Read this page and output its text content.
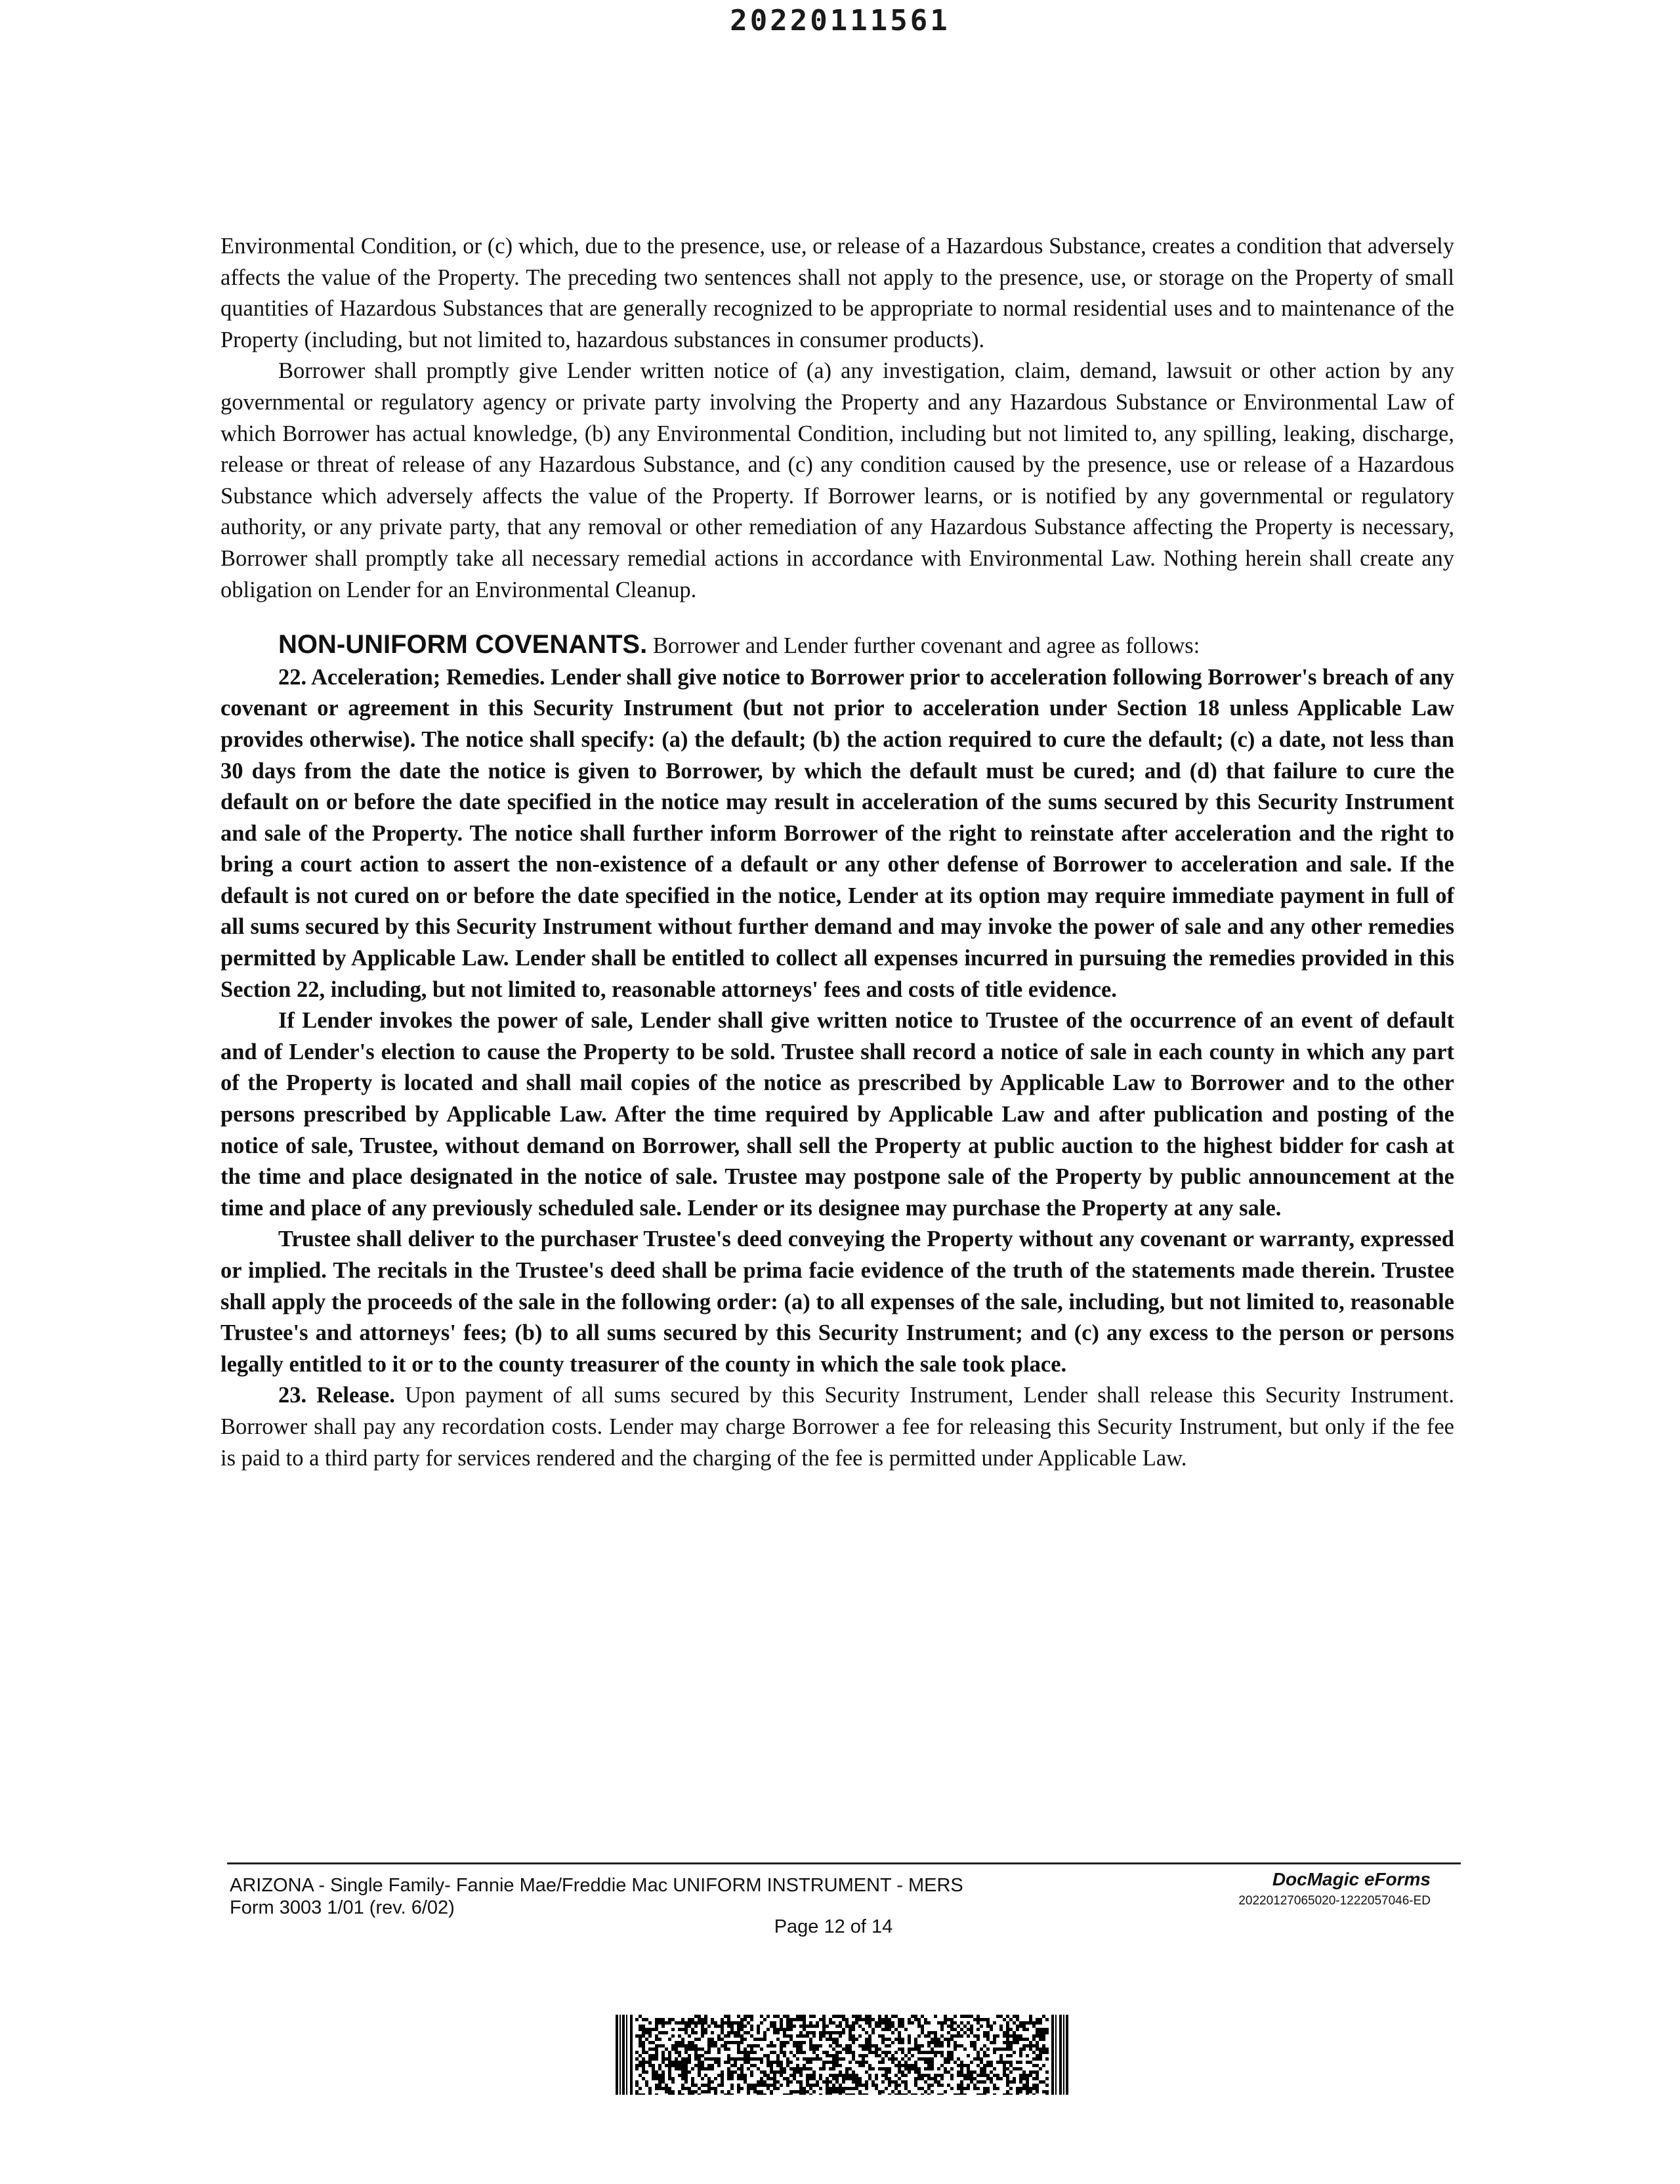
20220111561

Environmental Condition, or (c) which, due to the presence, use, or release of a Hazardous Substance, creates a condition that adversely affects the value of the Property. The preceding two sentences shall not apply to the presence, use, or storage on the Property of small quantities of Hazardous Substances that are generally recognized to be appropriate to normal residential uses and to maintenance of the Property (including, but not limited to, hazardous substances in consumer products).

Borrower shall promptly give Lender written notice of (a) any investigation, claim, demand, lawsuit or other action by any governmental or regulatory agency or private party involving the Property and any Hazardous Substance or Environmental Law of which Borrower has actual knowledge, (b) any Environmental Condition, including but not limited to, any spilling, leaking, discharge, release or threat of release of any Hazardous Substance, and (c) any condition caused by the presence, use or release of a Hazardous Substance which adversely affects the value of the Property. If Borrower learns, or is notified by any governmental or regulatory authority, or any private party, that any removal or other remediation of any Hazardous Substance affecting the Property is necessary, Borrower shall promptly take all necessary remedial actions in accordance with Environmental Law. Nothing herein shall create any obligation on Lender for an Environmental Cleanup.

NON-UNIFORM COVENANTS. Borrower and Lender further covenant and agree as follows:

22. Acceleration; Remedies. Lender shall give notice to Borrower prior to acceleration following Borrower's breach of any covenant or agreement in this Security Instrument (but not prior to acceleration under Section 18 unless Applicable Law provides otherwise). The notice shall specify: (a) the default; (b) the action required to cure the default; (c) a date, not less than 30 days from the date the notice is given to Borrower, by which the default must be cured; and (d) that failure to cure the default on or before the date specified in the notice may result in acceleration of the sums secured by this Security Instrument and sale of the Property. The notice shall further inform Borrower of the right to reinstate after acceleration and the right to bring a court action to assert the non-existence of a default or any other defense of Borrower to acceleration and sale. If the default is not cured on or before the date specified in the notice, Lender at its option may require immediate payment in full of all sums secured by this Security Instrument without further demand and may invoke the power of sale and any other remedies permitted by Applicable Law. Lender shall be entitled to collect all expenses incurred in pursuing the remedies provided in this Section 22, including, but not limited to, reasonable attorneys' fees and costs of title evidence.

If Lender invokes the power of sale, Lender shall give written notice to Trustee of the occurrence of an event of default and of Lender's election to cause the Property to be sold. Trustee shall record a notice of sale in each county in which any part of the Property is located and shall mail copies of the notice as prescribed by Applicable Law to Borrower and to the other persons prescribed by Applicable Law. After the time required by Applicable Law and after publication and posting of the notice of sale, Trustee, without demand on Borrower, shall sell the Property at public auction to the highest bidder for cash at the time and place designated in the notice of sale. Trustee may postpone sale of the Property by public announcement at the time and place of any previously scheduled sale. Lender or its designee may purchase the Property at any sale.

Trustee shall deliver to the purchaser Trustee's deed conveying the Property without any covenant or warranty, expressed or implied. The recitals in the Trustee's deed shall be prima facie evidence of the truth of the statements made therein. Trustee shall apply the proceeds of the sale in the following order: (a) to all expenses of the sale, including, but not limited to, reasonable Trustee's and attorneys' fees; (b) to all sums secured by this Security Instrument; and (c) any excess to the person or persons legally entitled to it or to the county treasurer of the county in which the sale took place.

23. Release. Upon payment of all sums secured by this Security Instrument, Lender shall release this Security Instrument. Borrower shall pay any recordation costs. Lender may charge Borrower a fee for releasing this Security Instrument, but only if the fee is paid to a third party for services rendered and the charging of the fee is permitted under Applicable Law.

ARIZONA - Single Family- Fannie Mae/Freddie Mac UNIFORM INSTRUMENT - MERS
Form 3003 1/01 (rev. 6/02)
DocMagic eForms
20220127065020-1222057046-ED
Page 12 of 14
